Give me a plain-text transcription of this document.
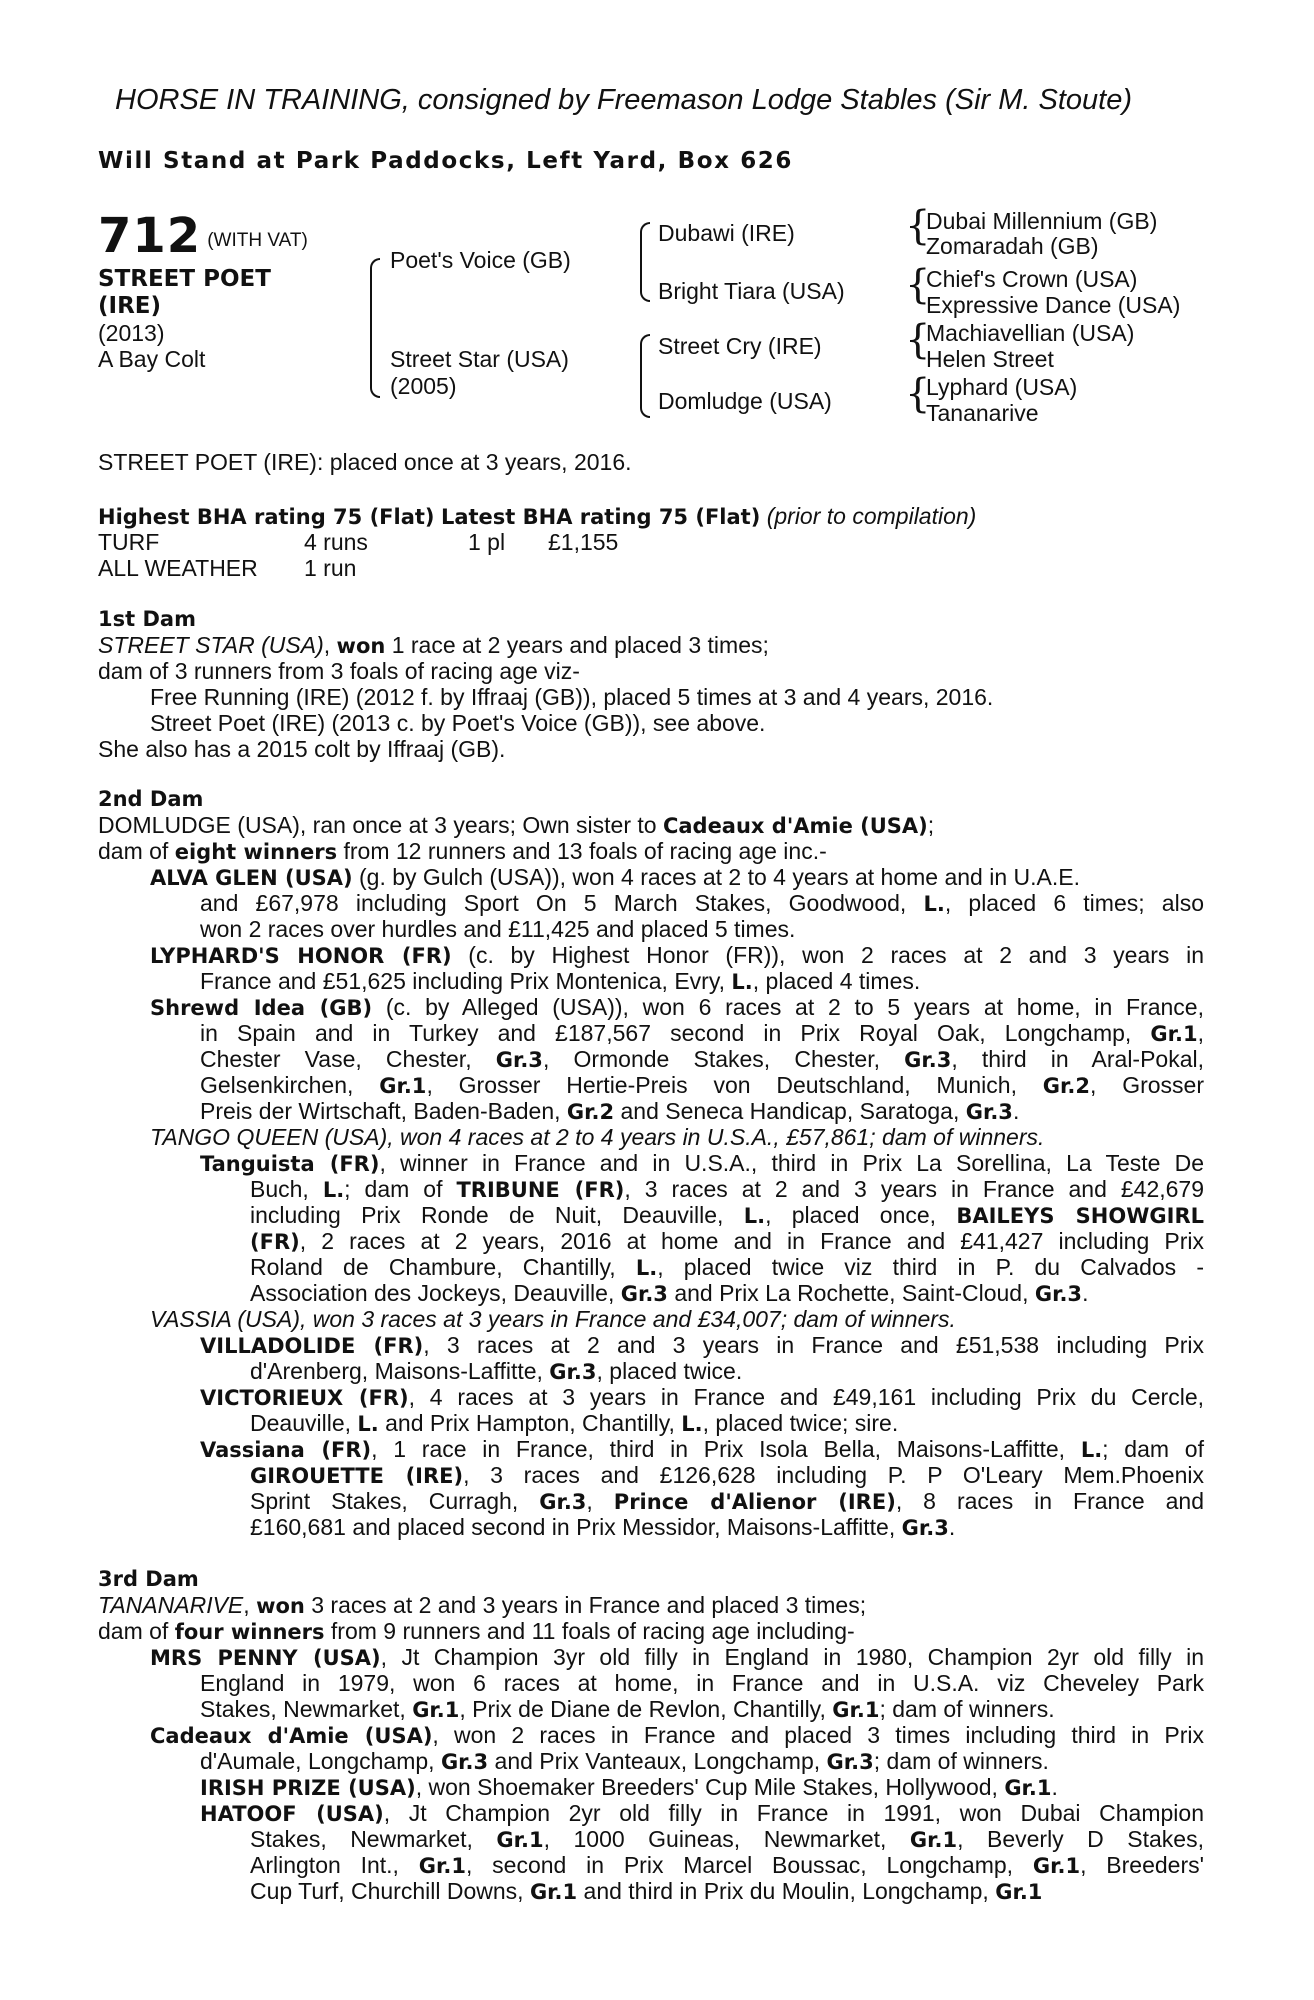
HORSE IN TRAINING, consigned by Freemason Lodge Stables (Sir M. Stoute)
Will Stand at Park Paddocks, Left Yard, Box 626
712 (WITH VAT)
STREET POET
(IRE)
(2013)
A Bay Colt
Poet's Voice (GB)
Street Star (USA)
(2005)
Dubawi (IRE)
Bright Tiara (USA)
Street Cry (IRE)
Domludge (USA)
{
Dubai Millennium (GB)
Zomaradah (GB)
{
Chief's Crown (USA)
Expressive Dance (USA)
{
Machiavellian (USA)
Helen Street
{
Lyphard (USA)
Tananarive
STREET POET (IRE): placed once at 3 years, 2016.
Highest BHA rating 75 (Flat) Latest BHA rating 75 (Flat) (prior to compilation)
TURF	4 runs	1 pl £1,155
ALL WEATHER 1 run
1st Dam
STREET STAR (USA), won 1 race at 2 years and placed 3 times;
dam of 3 runners from 3 foals of racing age viz-
Free Running (IRE) (2012 f. by Iffraaj (GB)), placed 5 times at 3 and 4 years, 2016.
Street Poet (IRE) (2013 c. by Poet's Voice (GB)), see above.
She also has a 2015 colt by Iffraaj (GB).
2nd Dam
DOMLUDGE (USA), ran once at 3 years; Own sister to Cadeaux d'Amie (USA);
dam of eight winners from 12 runners and 13 foals of racing age inc.-
ALVA GLEN (USA) (g. by Gulch (USA)), won 4 races at 2 to 4 years at home and in U.A.E.
and £67,978 including Sport On 5 March Stakes, Goodwood, L., placed 6 times; also
won 2 races over hurdles and £11,425 and placed 5 times.
LYPHARD'S HONOR (FR) (c. by Highest Honor (FR)), won 2 races at 2 and 3 years in
France and £51,625 including Prix Montenica, Evry, L., placed 4 times.
Shrewd Idea (GB) (c. by Alleged (USA)), won 6 races at 2 to 5 years at home, in France,
in Spain and in Turkey and £187,567 second in Prix Royal Oak, Longchamp, Gr.1,
Chester Vase, Chester, Gr.3, Ormonde Stakes, Chester, Gr.3, third in Aral-Pokal,
Gelsenkirchen, Gr.1, Grosser Hertie-Preis von Deutschland, Munich, Gr.2, Grosser
Preis der Wirtschaft, Baden-Baden, Gr.2 and Seneca Handicap, Saratoga, Gr.3.
TANGO QUEEN (USA), won 4 races at 2 to 4 years in U.S.A., £57,861; dam of winners.
Tanguista (FR), winner in France and in U.S.A., third in Prix La Sorellina, La Teste De
Buch, L.; dam of TRIBUNE (FR), 3 races at 2 and 3 years in France and £42,679
including Prix Ronde de Nuit, Deauville, L., placed once, BAILEYS SHOWGIRL
(FR), 2 races at 2 years, 2016 at home and in France and £41,427 including Prix
Roland de Chambure, Chantilly, L., placed twice viz third in P. du Calvados -
Association des Jockeys, Deauville, Gr.3 and Prix La Rochette, Saint-Cloud, Gr.3.
VASSIA (USA), won 3 races at 3 years in France and £34,007; dam of winners.
VILLADOLIDE (FR), 3 races at 2 and 3 years in France and £51,538 including Prix
d'Arenberg, Maisons-Laffitte, Gr.3, placed twice.
VICTORIEUX (FR), 4 races at 3 years in France and £49,161 including Prix du Cercle,
Deauville, L. and Prix Hampton, Chantilly, L., placed twice; sire.
Vassiana (FR), 1 race in France, third in Prix Isola Bella, Maisons-Laffitte, L.; dam of
GIROUETTE (IRE), 3 races and £126,628 including P. P O'Leary Mem.Phoenix
Sprint Stakes, Curragh, Gr.3, Prince d'Alienor (IRE), 8 races in France and
£160,681 and placed second in Prix Messidor, Maisons-Laffitte, Gr.3.
3rd Dam
TANANARIVE, won 3 races at 2 and 3 years in France and placed 3 times;
dam of four winners from 9 runners and 11 foals of racing age including-
MRS PENNY (USA), Jt Champion 3yr old filly in England in 1980, Champion 2yr old filly in
England in 1979, won 6 races at home, in France and in U.S.A. viz Cheveley Park
Stakes, Newmarket, Gr.1, Prix de Diane de Revlon, Chantilly, Gr.1; dam of winners.
Cadeaux d'Amie (USA), won 2 races in France and placed 3 times including third in Prix
d'Aumale, Longchamp, Gr.3 and Prix Vanteaux, Longchamp, Gr.3; dam of winners.
IRISH PRIZE (USA), won Shoemaker Breeders' Cup Mile Stakes, Hollywood, Gr.1.
HATOOF (USA), Jt Champion 2yr old filly in France in 1991, won Dubai Champion
Stakes, Newmarket, Gr.1, 1000 Guineas, Newmarket, Gr.1, Beverly D Stakes,
Arlington Int., Gr.1, second in Prix Marcel Boussac, Longchamp, Gr.1, Breeders'
Cup Turf, Churchill Downs, Gr.1 and third in Prix du Moulin, Longchamp, Gr.1
